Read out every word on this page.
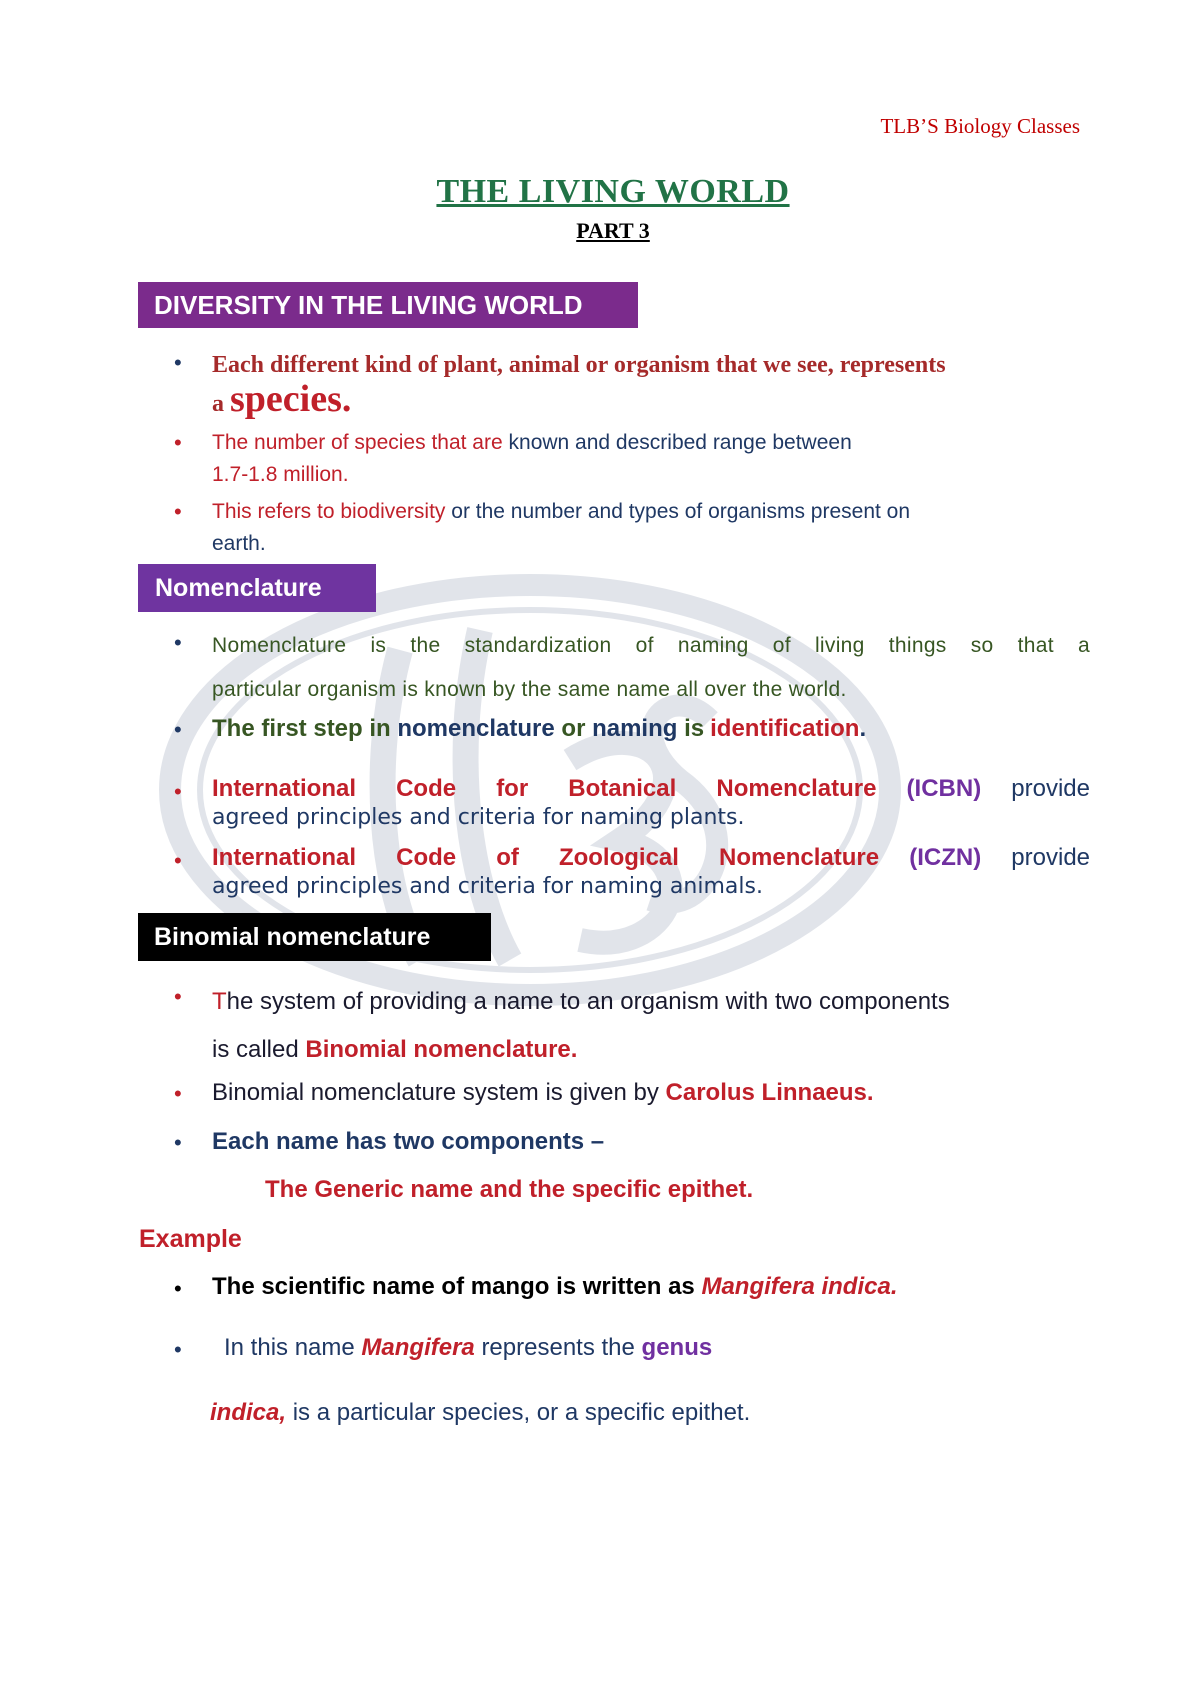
TLB’S Biology Classes
THE LIVING WORLD
PART 3
DIVERSITY IN THE LIVING WORLD
• Each different kind of plant, animal or organism that we see, represents
a species.
• The number of species that are known and described range between
1.7-1.8 million.
• This refers to biodiversity or the number and types of organisms present on
earth.
Nomenclature
• Nomenclature is the standardization of naming of living things so that a
particular organism is known by the same name all over the world.
• The first step in nomenclature or naming is identification.
• International Code for Botanical Nomenclature (ICBN) provide
agreed principles and criteria for naming plants.
• International Code of Zoological Nomenclature (ICZN) provide
agreed principles and criteria for naming animals.
Binomial nomenclature
• The system of providing a name to an organism with two components
is called Binomial nomenclature.
• Binomial nomenclature system is given by Carolus Linnaeus.
• Each name has two components –
The Generic name and the specific epithet.
Example
• The scientific name of mango is written as Mangifera indica.
• In this name Mangifera represents the genus
indica, is a particular species, or a specific epithet.
